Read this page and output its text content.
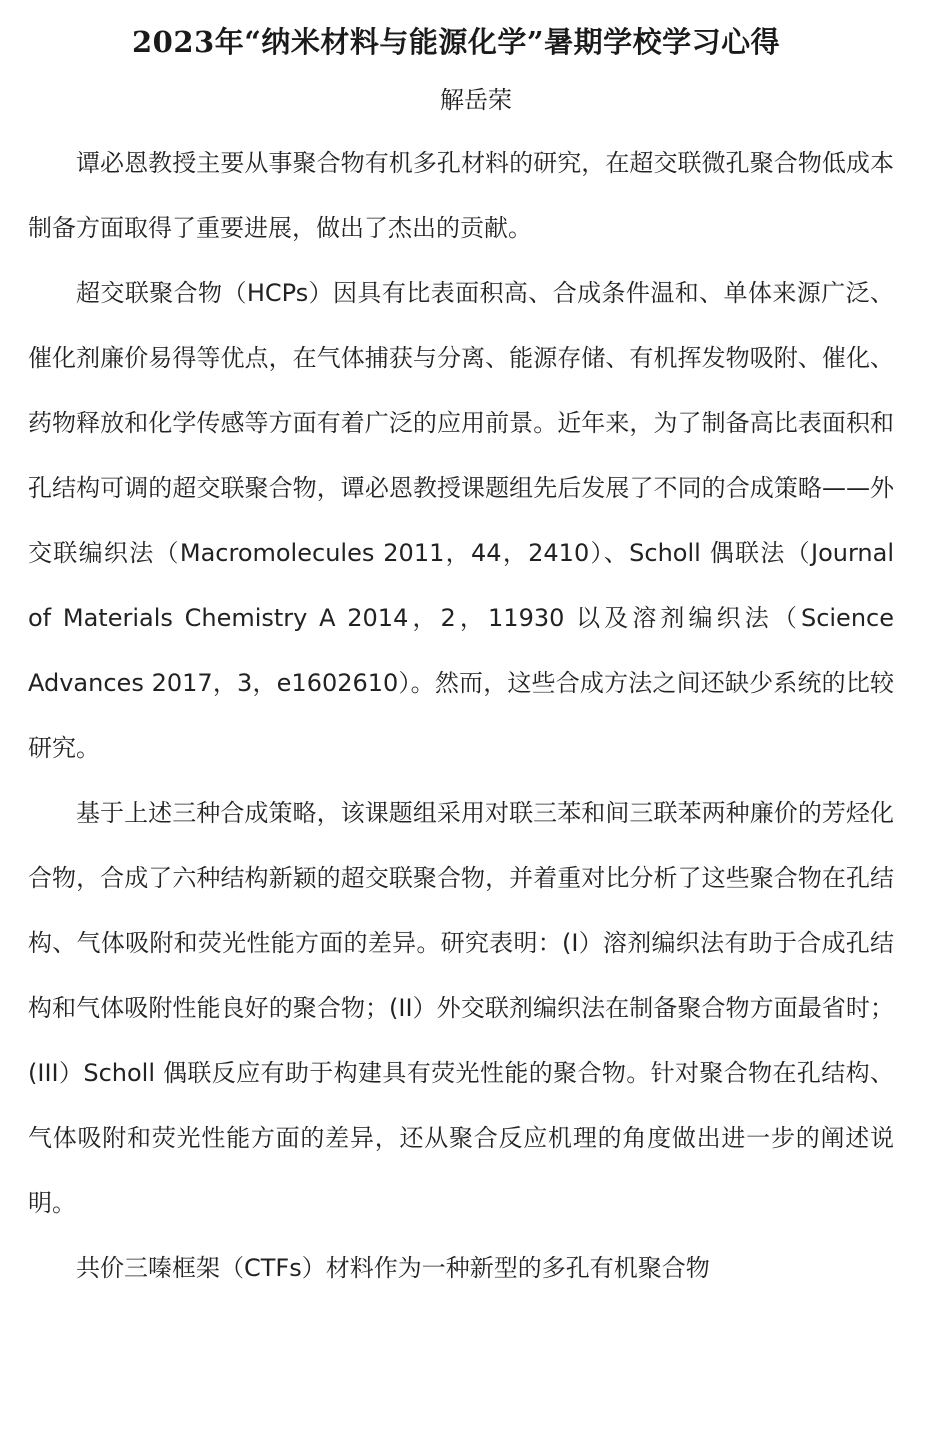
2023年“纳米材料与能源化学”暑期学校学习心得
解岳荣

谭必恩教授主要从事聚合物有机多孔材料的研究，在超交联微孔聚合物低成本制备方面取得了重要进展，做出了杰出的贡献。

超交联聚合物（HCPs）因具有比表面积高、合成条件温和、单体来源广泛、催化剂廉价易得等优点，在气体捕获与分离、能源存储、有机挥发物吸附、催化、药物释放和化学传感等方面有着广泛的应用前景。近年来，为了制备高比表面积和孔结构可调的超交联聚合物，谭必恩教授课题组先后发展了不同的合成策略——外交联编织法（Macromolecules 2011，44，2410）、Scholl 偶联法（Journal of Materials Chemistry A 2014，2，11930 以及溶剂编织法（Science Advances 2017，3，e1602610）。然而，这些合成方法之间还缺少系统的比较研究。

基于上述三种合成策略，该课题组采用对联三苯和间三联苯两种廉价的芳烃化合物，合成了六种结构新颖的超交联聚合物，并着重对比分析了这些聚合物在孔结构、气体吸附和荧光性能方面的差异。研究表明：(I）溶剂编织法有助于合成孔结构和气体吸附性能良好的聚合物；(II）外交联剂编织法在制备聚合物方面最省时；(III）Scholl 偶联反应有助于构建具有荧光性能的聚合物。针对聚合物在孔结构、气体吸附和荧光性能方面的差异，还从聚合反应机理的角度做出进一步的阐述说明。

共价三嗪框架（CTFs）材料作为一种新型的多孔有机聚合物
